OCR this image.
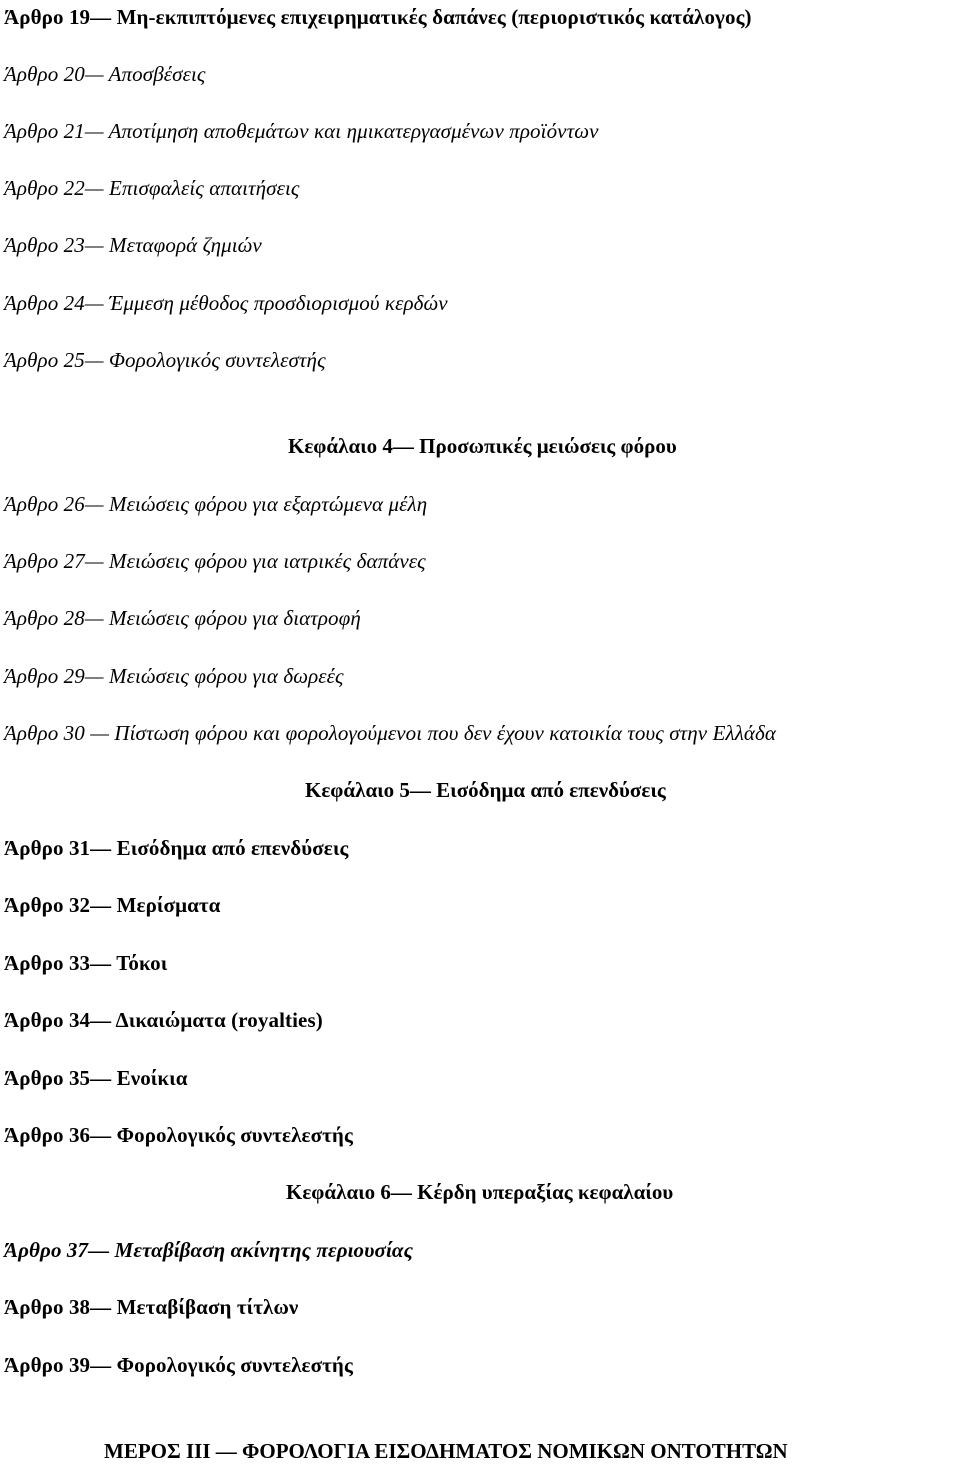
Άρθρο 19— Μη-εκπιπτόμενες επιχειρηματικές δαπάνες (περιοριστικός κατάλογος)
Άρθρο 20— Αποσβέσεις
Άρθρο 21— Αποτίμηση αποθεμάτων και ημικατεργασμένων προϊόντων
Άρθρο 22— Επισφαλείς απαιτήσεις
Άρθρο 23— Μεταφορά ζημιών
Άρθρο 24— Έμμεση μέθοδος προσδιορισμού κερδών
Άρθρο 25— Φορολογικός συντελεστής
Κεφάλαιο 4— Προσωπικές μειώσεις φόρου
Άρθρο 26— Μειώσεις φόρου για εξαρτώμενα μέλη
Άρθρο 27— Μειώσεις φόρου για ιατρικές δαπάνες
Άρθρο 28— Μειώσεις φόρου για διατροφή
Άρθρο 29— Μειώσεις φόρου για δωρεές
Άρθρο 30 — Πίστωση φόρου και φορολογούμενοι που δεν έχουν κατοικία τους στην Ελλάδα
Κεφάλαιο 5— Εισόδημα από επενδύσεις
Άρθρο 31— Εισόδημα από επενδύσεις
Άρθρο 32— Μερίσματα
Άρθρο 33— Τόκοι
Άρθρο 34— Δικαιώματα (royalties)
Άρθρο 35— Ενοίκια
Άρθρο 36— Φορολογικός συντελεστής
Κεφάλαιο 6— Κέρδη υπεραξίας κεφαλαίου
Άρθρο 37— Μεταβίβαση ακίνητης περιουσίας
Άρθρο 38— Μεταβίβαση τίτλων
Άρθρο 39— Φορολογικός συντελεστής
ΜΕΡΟΣ ΙΙΙ — ΦΟΡΟΛΟΓΙΑ ΕΙΣΟΔΗΜΑΤΟΣ ΝΟΜΙΚΩΝ ΟΝΤΟΤΗΤΩΝ
